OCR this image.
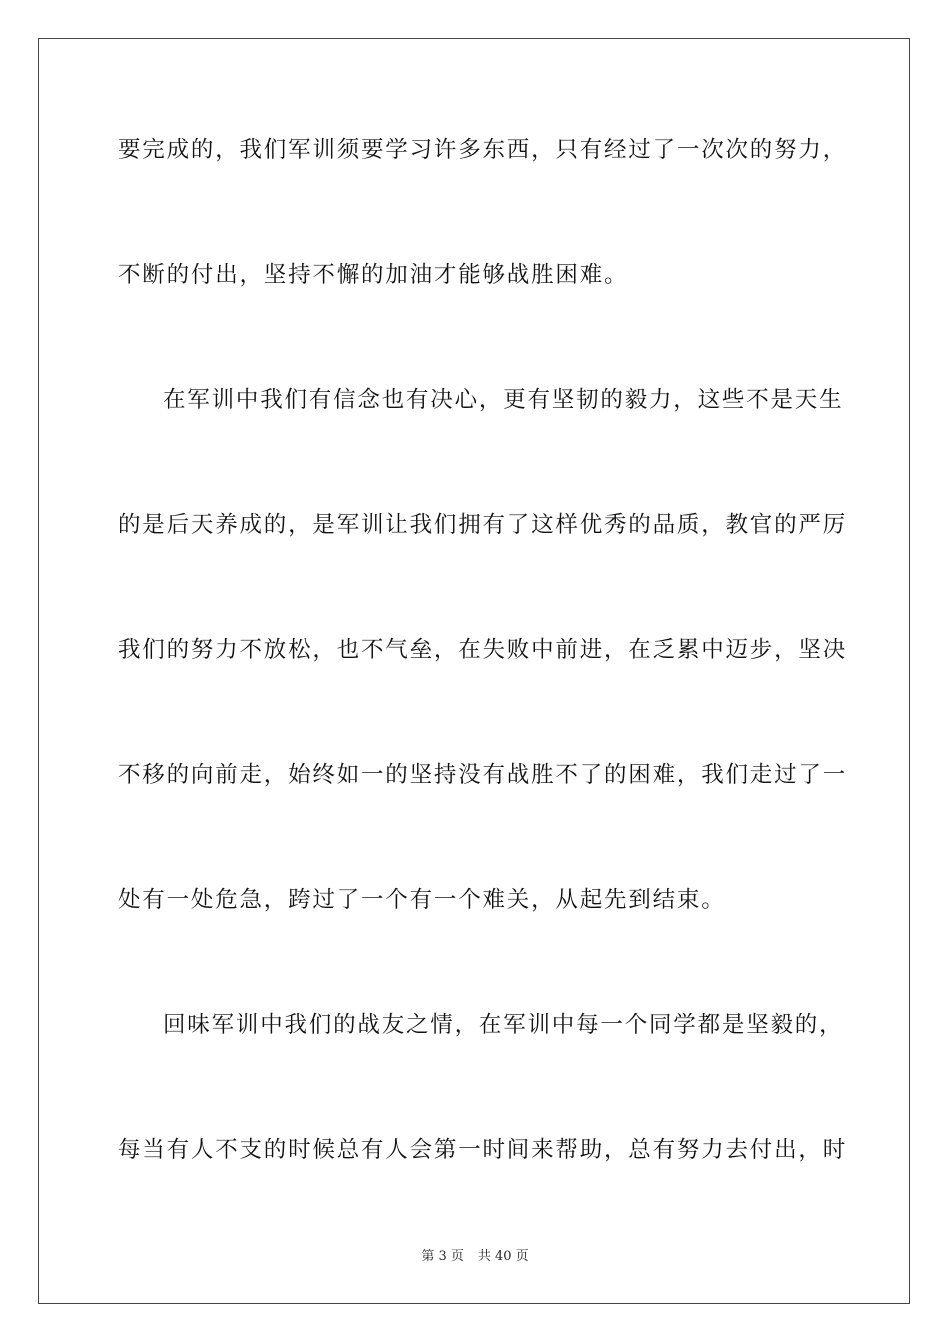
要完成的，我们军训须要学习许多东西，只有经过了一次次的努力，
不断的付出，坚持不懈的加油才能够战胜困难。
在军训中我们有信念也有决心，更有坚韧的毅力，这些不是天生
的是后天养成的，是军训让我们拥有了这样优秀的品质，教官的严厉
我们的努力不放松，也不气垒，在失败中前进，在乏累中迈步，坚决
不移的向前走，始终如一的坚持没有战胜不了的困难，我们走过了一
处有一处危急，跨过了一个有一个难关，从起先到结束。
回味军训中我们的战友之情，在军训中每一个同学都是坚毅的，
每当有人不支的时候总有人会第一时间来帮助，总有努力去付出，时
第 3 页 共 40 页
